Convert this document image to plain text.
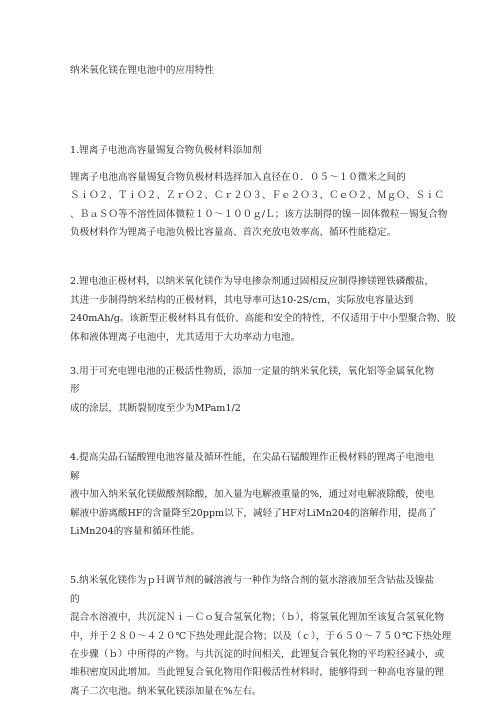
纳米氧化镁在锂电池中的应用特性

1.锂离子电池高容量锡复合物负极材料添加剂

锂离子电池高容量锡复合物负极材料选择加入直径在０．０５～１０微米之间的
ＳｉＯ２、ＴｉＯ２、ＺｒＯ２、Ｃｒ２Ｏ３、Ｆｅ２Ｏ３、ＣｅＯ２、ＭｇＯ、ＳｉＣ
、ＢａＳＯ等不溶性固体微粒１０～１００ｇ/Ｌ；该方法制得的镍－固体微粒－锡复合物
负极材料作为锂离子电池负极比容量高、首次充放电效率高、循环性能稳定。

2.锂电池正极材料，以纳米氧化镁作为导电掺杂剂通过固相反应制得掺镁锂铁磷酸盐，

其进一步制得纳米结构的正极材料，其电导率可达10-2S/cm，实际放电容量达到
240mAh/g。该新型正极材料具有低价、高能和安全的特性，不仅适用于中小型聚合物、胶
体和液体锂离子电池中，尤其适用于大功率动力电池。

3.用于可充电锂电池的正极活性物质，添加一定量的纳米氧化镁，氧化铝等金属氧化物形

成的涂层，其断裂韧度至少为MPam1/2

4.提高尖晶石锰酸锂电池容量及循环性能，在尖晶石锰酸锂作正极材料的锂离子电池电解

液中加入纳米氧化镁做酸剂除酸，加入量为电解液重量的%，通过对电解液除酸，使电
解液中游离酸HF的含量降至20ppm以下，减轻了HF对LiMn204的溶解作用，提高了
LiMn204的容量和循环性能。

5.纳米氧化镁作为ｐＨ调节剂的碱溶液与一种作为络合剂的氨水溶液加至含钴盐及镍盐的

混合水溶液中，共沉淀Ｎｉ－Ｃｏ复合氢氧化物；（ｂ），将氢氧化锂加至该复合氢氧化物
中，并于２８０～４２０℃下热处理此混合物；以及（ｃ），于６５０～７５０℃下热处理
在步骤（ｂ）中所得的产物。与共沉淀的时间相关，此锂复合氧化物的平均粒径减小，或
堆积密度因此增加。当此锂复合氧化物用作阳极活性材料时，能够得到一种高电容量的锂
离子二次电池。纳米氧化镁添加量在%左右。
